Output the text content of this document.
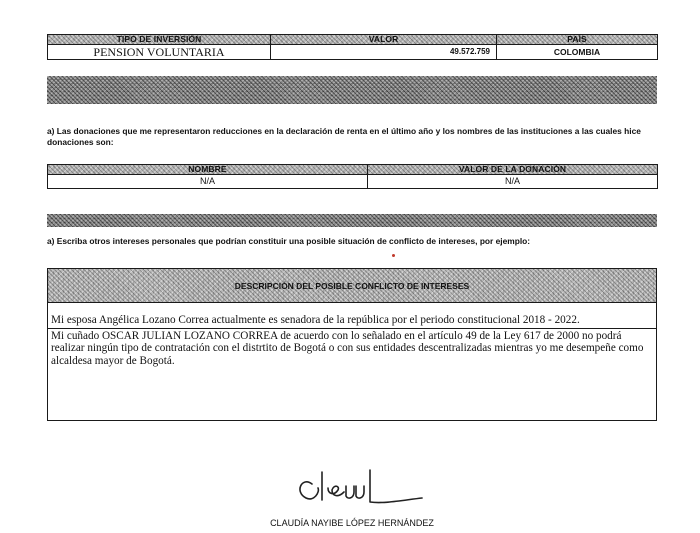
TIPO DE INVERSIÓN	VALOR	PAÍS
PENSION VOLUNTARIA	49.572.759	COLOMBIA
a) Las donaciones que me representaron reducciones en la declaración de renta en el último año y los nombres de las instituciones a las cuales hice donaciones son:
NOMBRE	VALOR DE LA DONACIÓN
N/A	N/A
a) Escriba otros intereses personales que podrían constituir una posible situación de conflicto de intereses, por ejemplo:
DESCRIPCIÓN DEL POSIBLE CONFLICTO DE INTERESES
Mi esposa Angélica Lozano Correa actualmente es senadora de la república por el periodo constitucional 2018 - 2022.
Mi cuñado OSCAR JULIAN LOZANO CORREA de acuerdo con lo señalado en el artículo 49 de la Ley 617 de 2000 no podrá realizar ningún tipo de contratación con el distrtito de Bogotá o con sus entidades descentralizadas mientras yo me desempeñe como alcaldesa mayor de Bogotá.
CLAUDÍA NAYIBE LÓPEZ HERNÁNDEZ
